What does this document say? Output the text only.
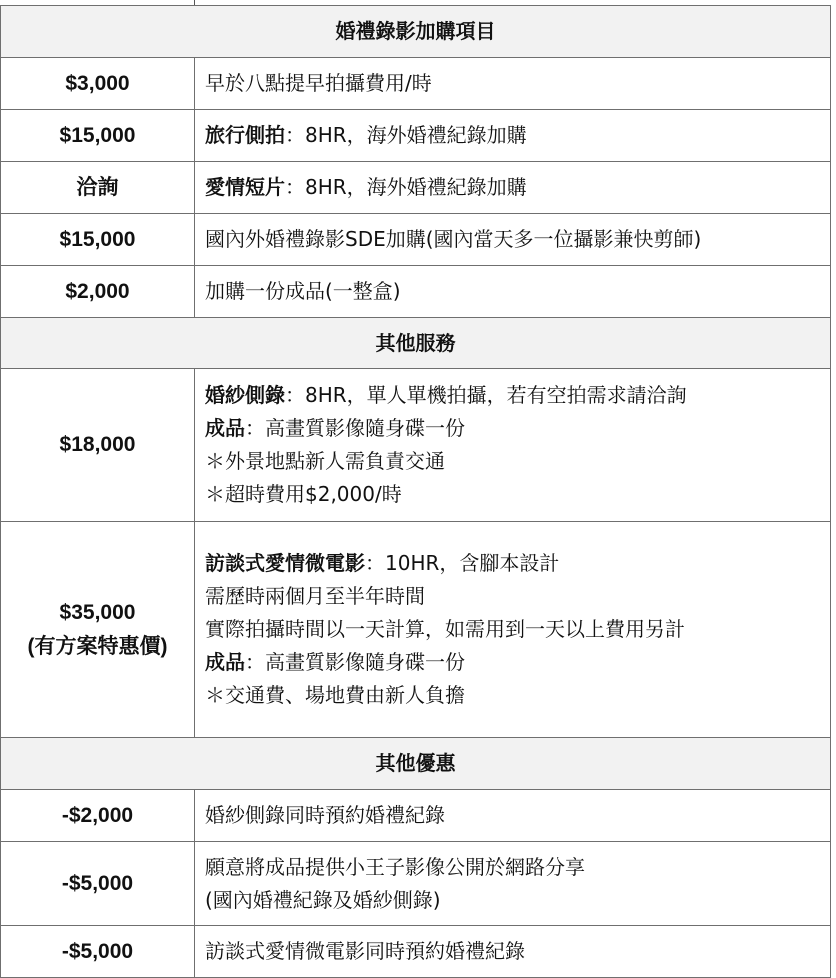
婚禮錄影加購項目	
$3,000	早於八點提早拍攝費用/時
$15,000	旅行側拍：8HR，海外婚禮紀錄加購
洽詢	愛情短片：8HR，海外婚禮紀錄加購
$15,000	國內外婚禮錄影SDE加購(國內當天多一位攝影兼快剪師)
$2,000	加購一份成品(一整盒)
其他服務	
$18,000	婚紗側錄：8HR，單人單機拍攝，若有空拍需求請洽詢
成品：高畫質影像隨身碟一份
＊外景地點新人需負責交通
＊超時費用$2,000/時

$35,000
(有方案特惠價)	訪談式愛情微電影：10HR，含腳本設計
需歷時兩個月至半年時間
實際拍攝時間以一天計算，如需用到一天以上費用另計
成品：高畫質影像隨身碟一份
＊交通費、場地費由新人負擔

其他優惠	
-$2,000	婚紗側錄同時預約婚禮紀錄
-$5,000	願意將成品提供小王子影像公開於網路分享
(國內婚禮紀錄及婚紗側錄)

-$5,000	訪談式愛情微電影同時預約婚禮紀錄
